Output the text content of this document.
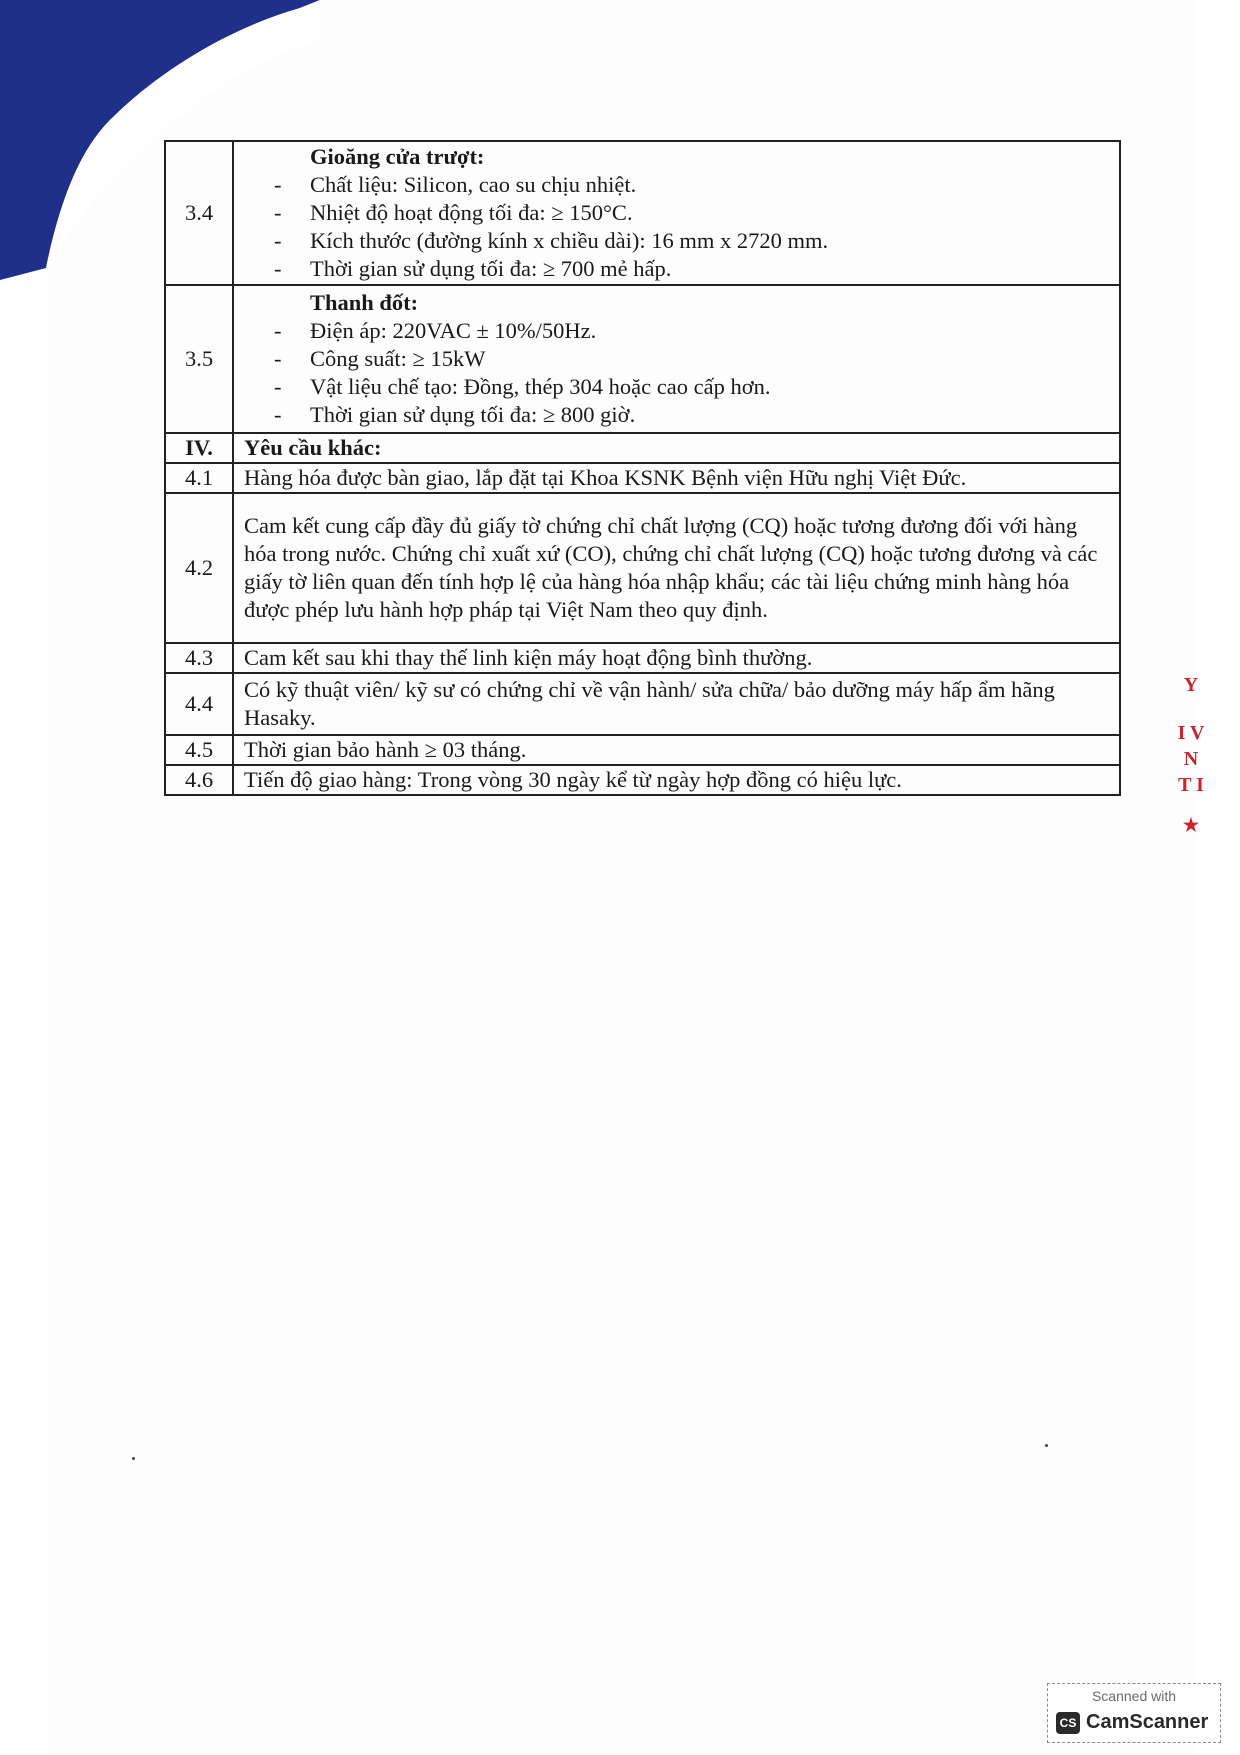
3.4	Gioăng cửa trượt:
- Chất liệu: Silicon, cao su chịu nhiệt.
- Nhiệt độ hoạt động tối đa: ≥ 150°C.
- Kích thước (đường kính x chiều dài): 16 mm x 2720 mm.
- Thời gian sử dụng tối đa: ≥ 700 mẻ hấp.

3.5	Thanh đốt:
- Điện áp: 220VAC ± 10%/50Hz.
- Công suất: ≥ 15kW
- Vật liệu chế tạo: Đồng, thép 304 hoặc cao cấp hơn.
- Thời gian sử dụng tối đa: ≥ 800 giờ.

IV.	Yêu cầu khác:
4.1	Hàng hóa được bàn giao, lắp đặt tại Khoa KSNK Bệnh viện Hữu nghị Việt Đức.
4.2	Cam kết cung cấp đầy đủ giấy tờ chứng chỉ chất lượng (CQ) hoặc tương đương đối với hàng hóa trong nước. Chứng chỉ xuất xứ (CO), chứng chỉ chất lượng (CQ) hoặc tương đương và các giấy tờ liên quan đến tính hợp lệ của hàng hóa nhập khẩu; các tài liệu chứng minh hàng hóa được phép lưu hành hợp pháp tại Việt Nam theo quy định.
4.3	Cam kết sau khi thay thế linh kiện máy hoạt động bình thường.
4.4	Có kỹ thuật viên/ kỹ sư có chứng chỉ về vận hành/ sửa chữa/ bảo dưỡng máy hấp ẩm hãng Hasaky.
4.5	Thời gian bảo hành ≥ 03 tháng.
4.6	Tiến độ giao hàng: Trong vòng 30 ngày kể từ ngày hợp đồng có hiệu lực.
Y
I V
N
T I
★
Scanned with
CS CamScanner
